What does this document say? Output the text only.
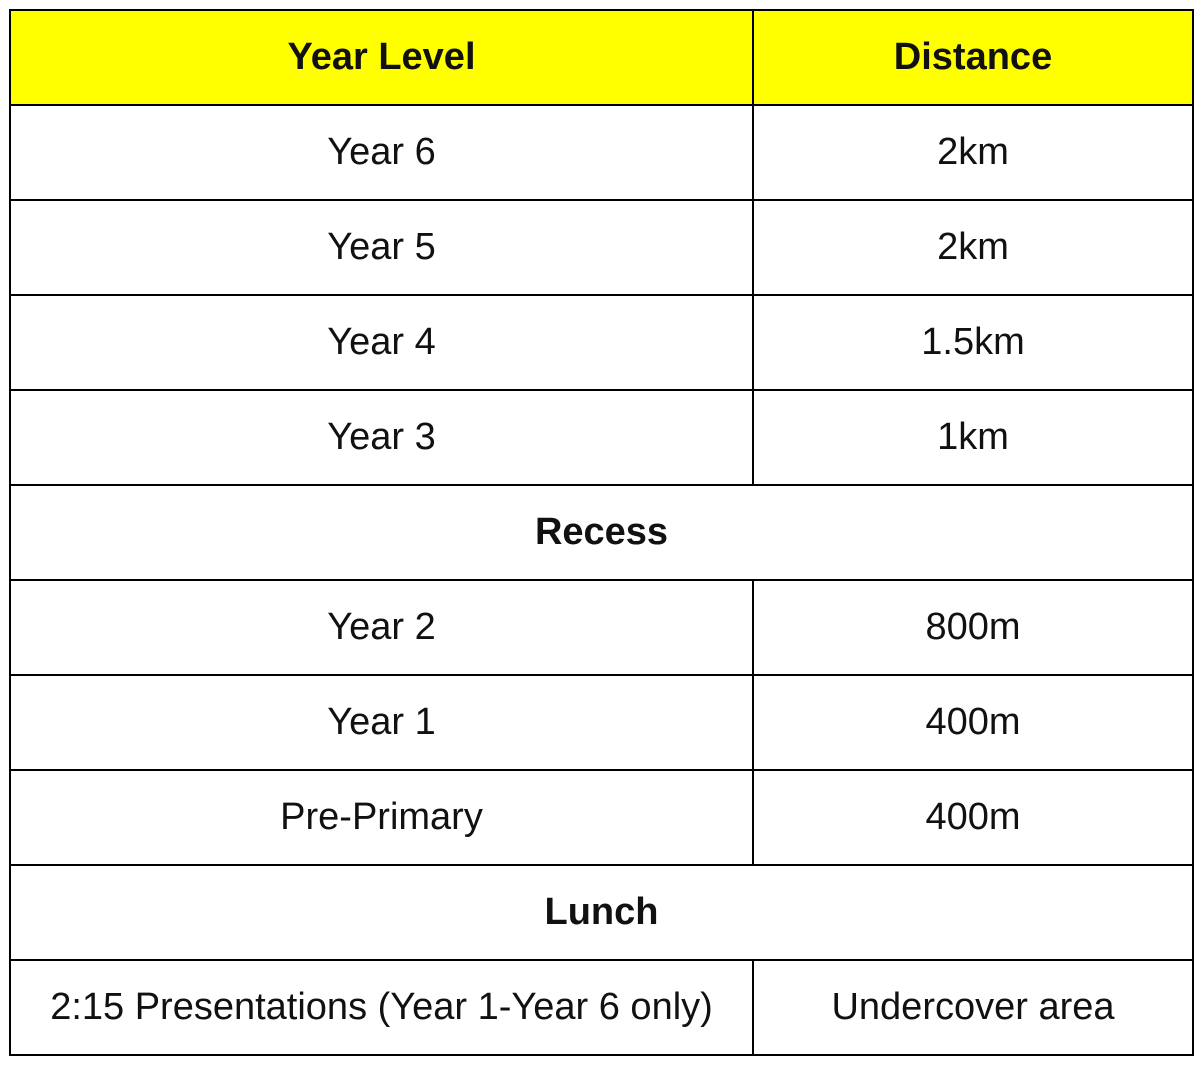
Year Level	Distance
Year 6	2km
Year 5	2km
Year 4	1.5km
Year 3	1km
Recess	
Year 2	800m
Year 1	400m
Pre-Primary	400m
Lunch	
2:15 Presentations (Year 1-Year 6 only)	Undercover area
